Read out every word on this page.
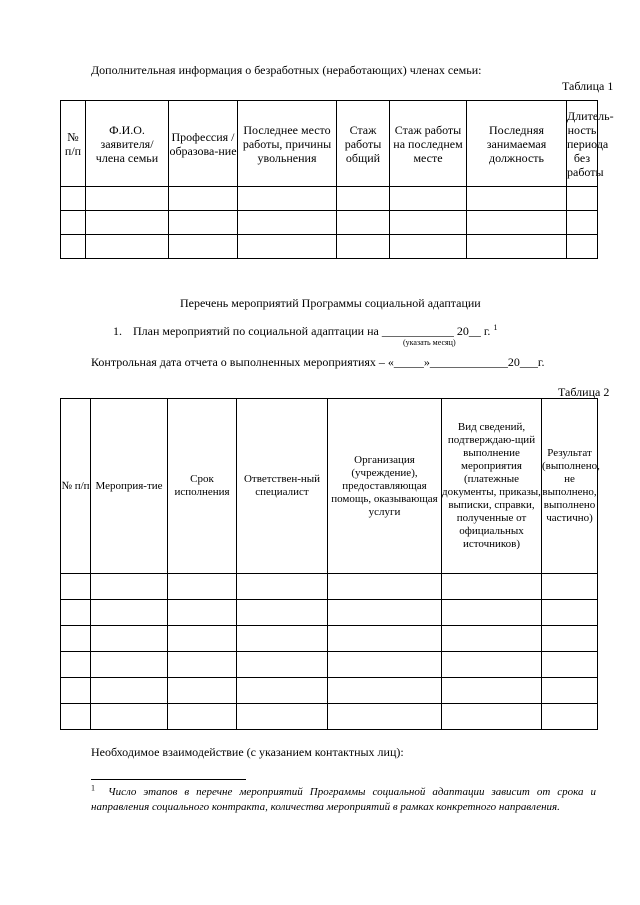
Дополнительная информация о безработных (неработающих) членах семьи:
Таблица 1
№ п/п	Ф.И.О. заявителя/ члена семьи	Профессия /образова-ние	Последнее место работы, причины увольнения	Стаж работы общий	Стаж работы на последнем месте	Последняя занимаемая должность	Длитель-ность периода без работы

Перечень мероприятий Программы социальной адаптации
1. План мероприятий по социальной адаптации на ____________ 20__ г. $^1$
(указать месяц)
Контрольная дата отчета о выполненных мероприятиях – «_____»_____________20___г.
Таблица 2
№ п/п	Мероприя-тие	Срок исполнения	Ответствен-ный специалист	Организация (учреждение), предоставляющая помощь, оказывающая услуги	Вид сведений, подтверждаю-щий выполнение мероприятия (платежные документы, приказы, выписки, справки, полученные от официальных источников)	Результат (выполнено, не выполнено, выполнено частично)

Необходимое взаимодействие (с указанием контактных лиц):
$^1$ Число этапов в перечне мероприятий Программы социальной адаптации зависит от срока и направления социального контракта, количества мероприятий в рамках конкретного направления.
